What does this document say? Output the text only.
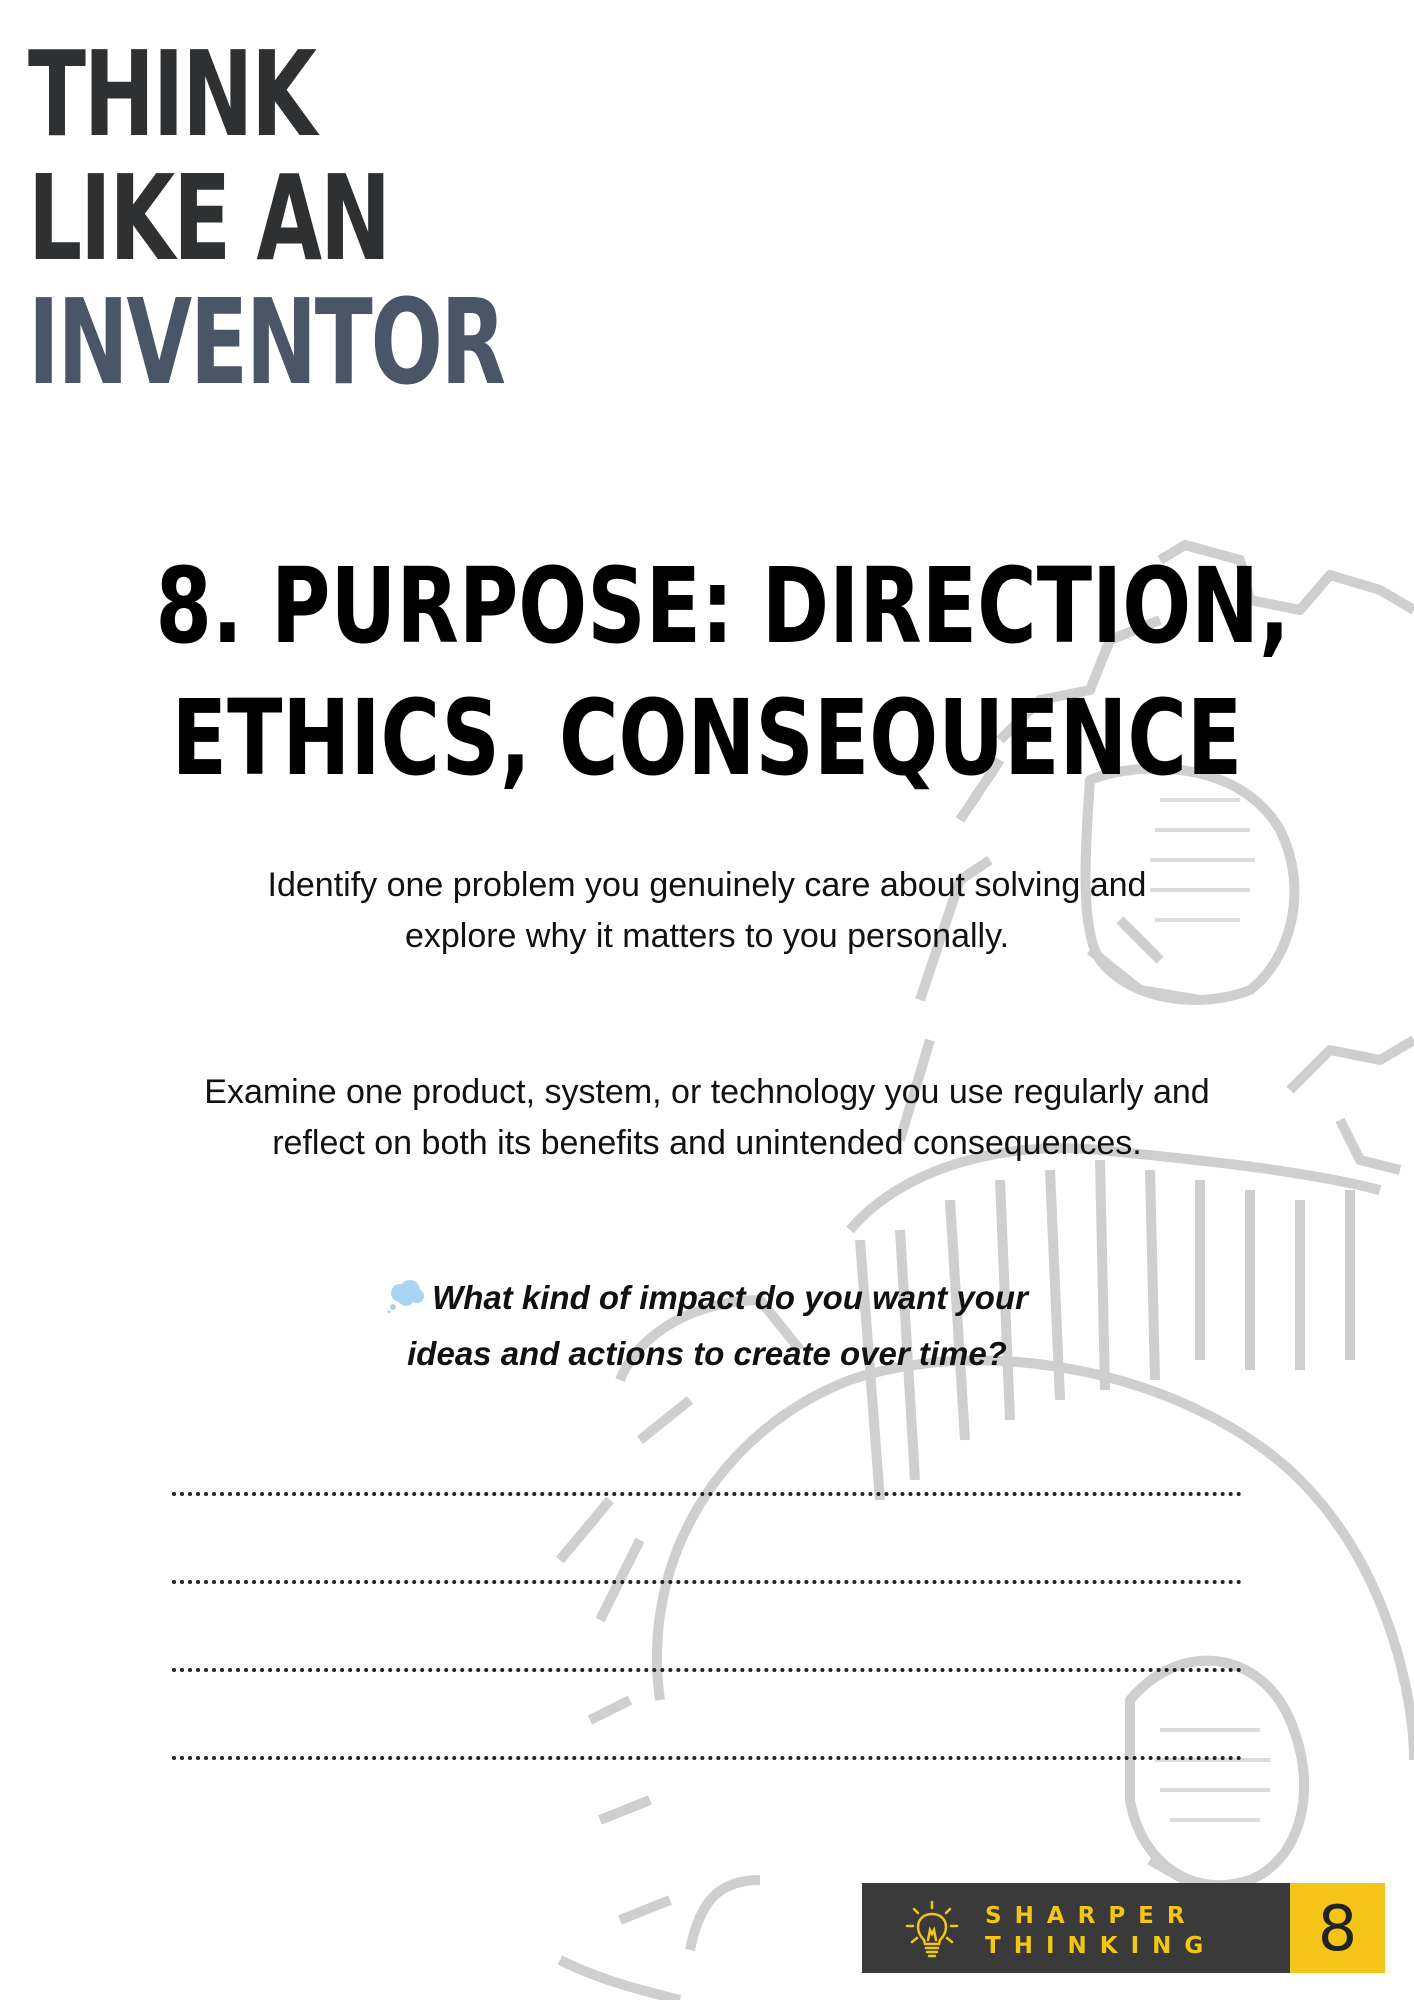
THINK
LIKE AN
INVENTOR
8. PURPOSE: DIRECTION,
ETHICS, CONSEQUENCE
Identify one problem you genuinely care about solving and
explore why it matters to you personally.
Examine one product, system, or technology you use regularly and
reflect on both its benefits and unintended consequences.
What kind of impact do you want your
ideas and actions to create over time?
SHARPER
THINKING	8
